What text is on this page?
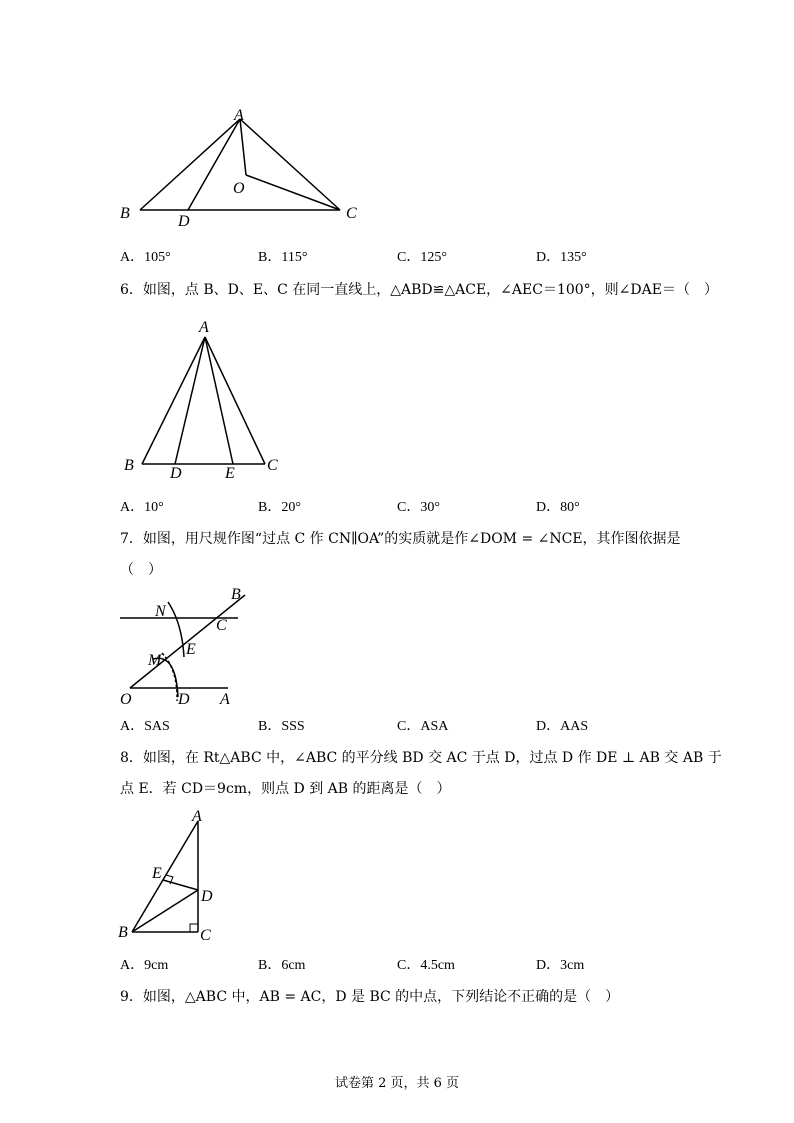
A
B	C
D
O
A．105°	B．115°	C．125°	D．135°
6．如图，点 B、D、E、C 在同一直线上，△ABD≌△ACE，∠AEC＝100°，则∠DAE＝（　）
A
B	C
D	E
A．10°	B．20°	C．30°	D．80°
7．如图，用尺规作图“过点 C 作 CN∥OA”的实质就是作∠DOM = ∠NCE，其作图依据是
（　）
B
N
C
E
M
O	D A
A．SAS	B．SSS	C．ASA	D．AAS
8．如图，在 Rt△ABC 中，∠ABC 的平分线 BD 交 AC 于点 D，过点 D 作 DE ⊥ AB 交 AB 于
点 E．若 CD＝9cm，则点 D 到 AB 的距离是（　）
A
E
D
B	C
A．9cm	B．6cm	C．4.5cm	D．3cm
9．如图，△ABC 中，AB = AC，D 是 BC 的中点，下列结论不正确的是（　）
试卷第 2 页，共 6 页
